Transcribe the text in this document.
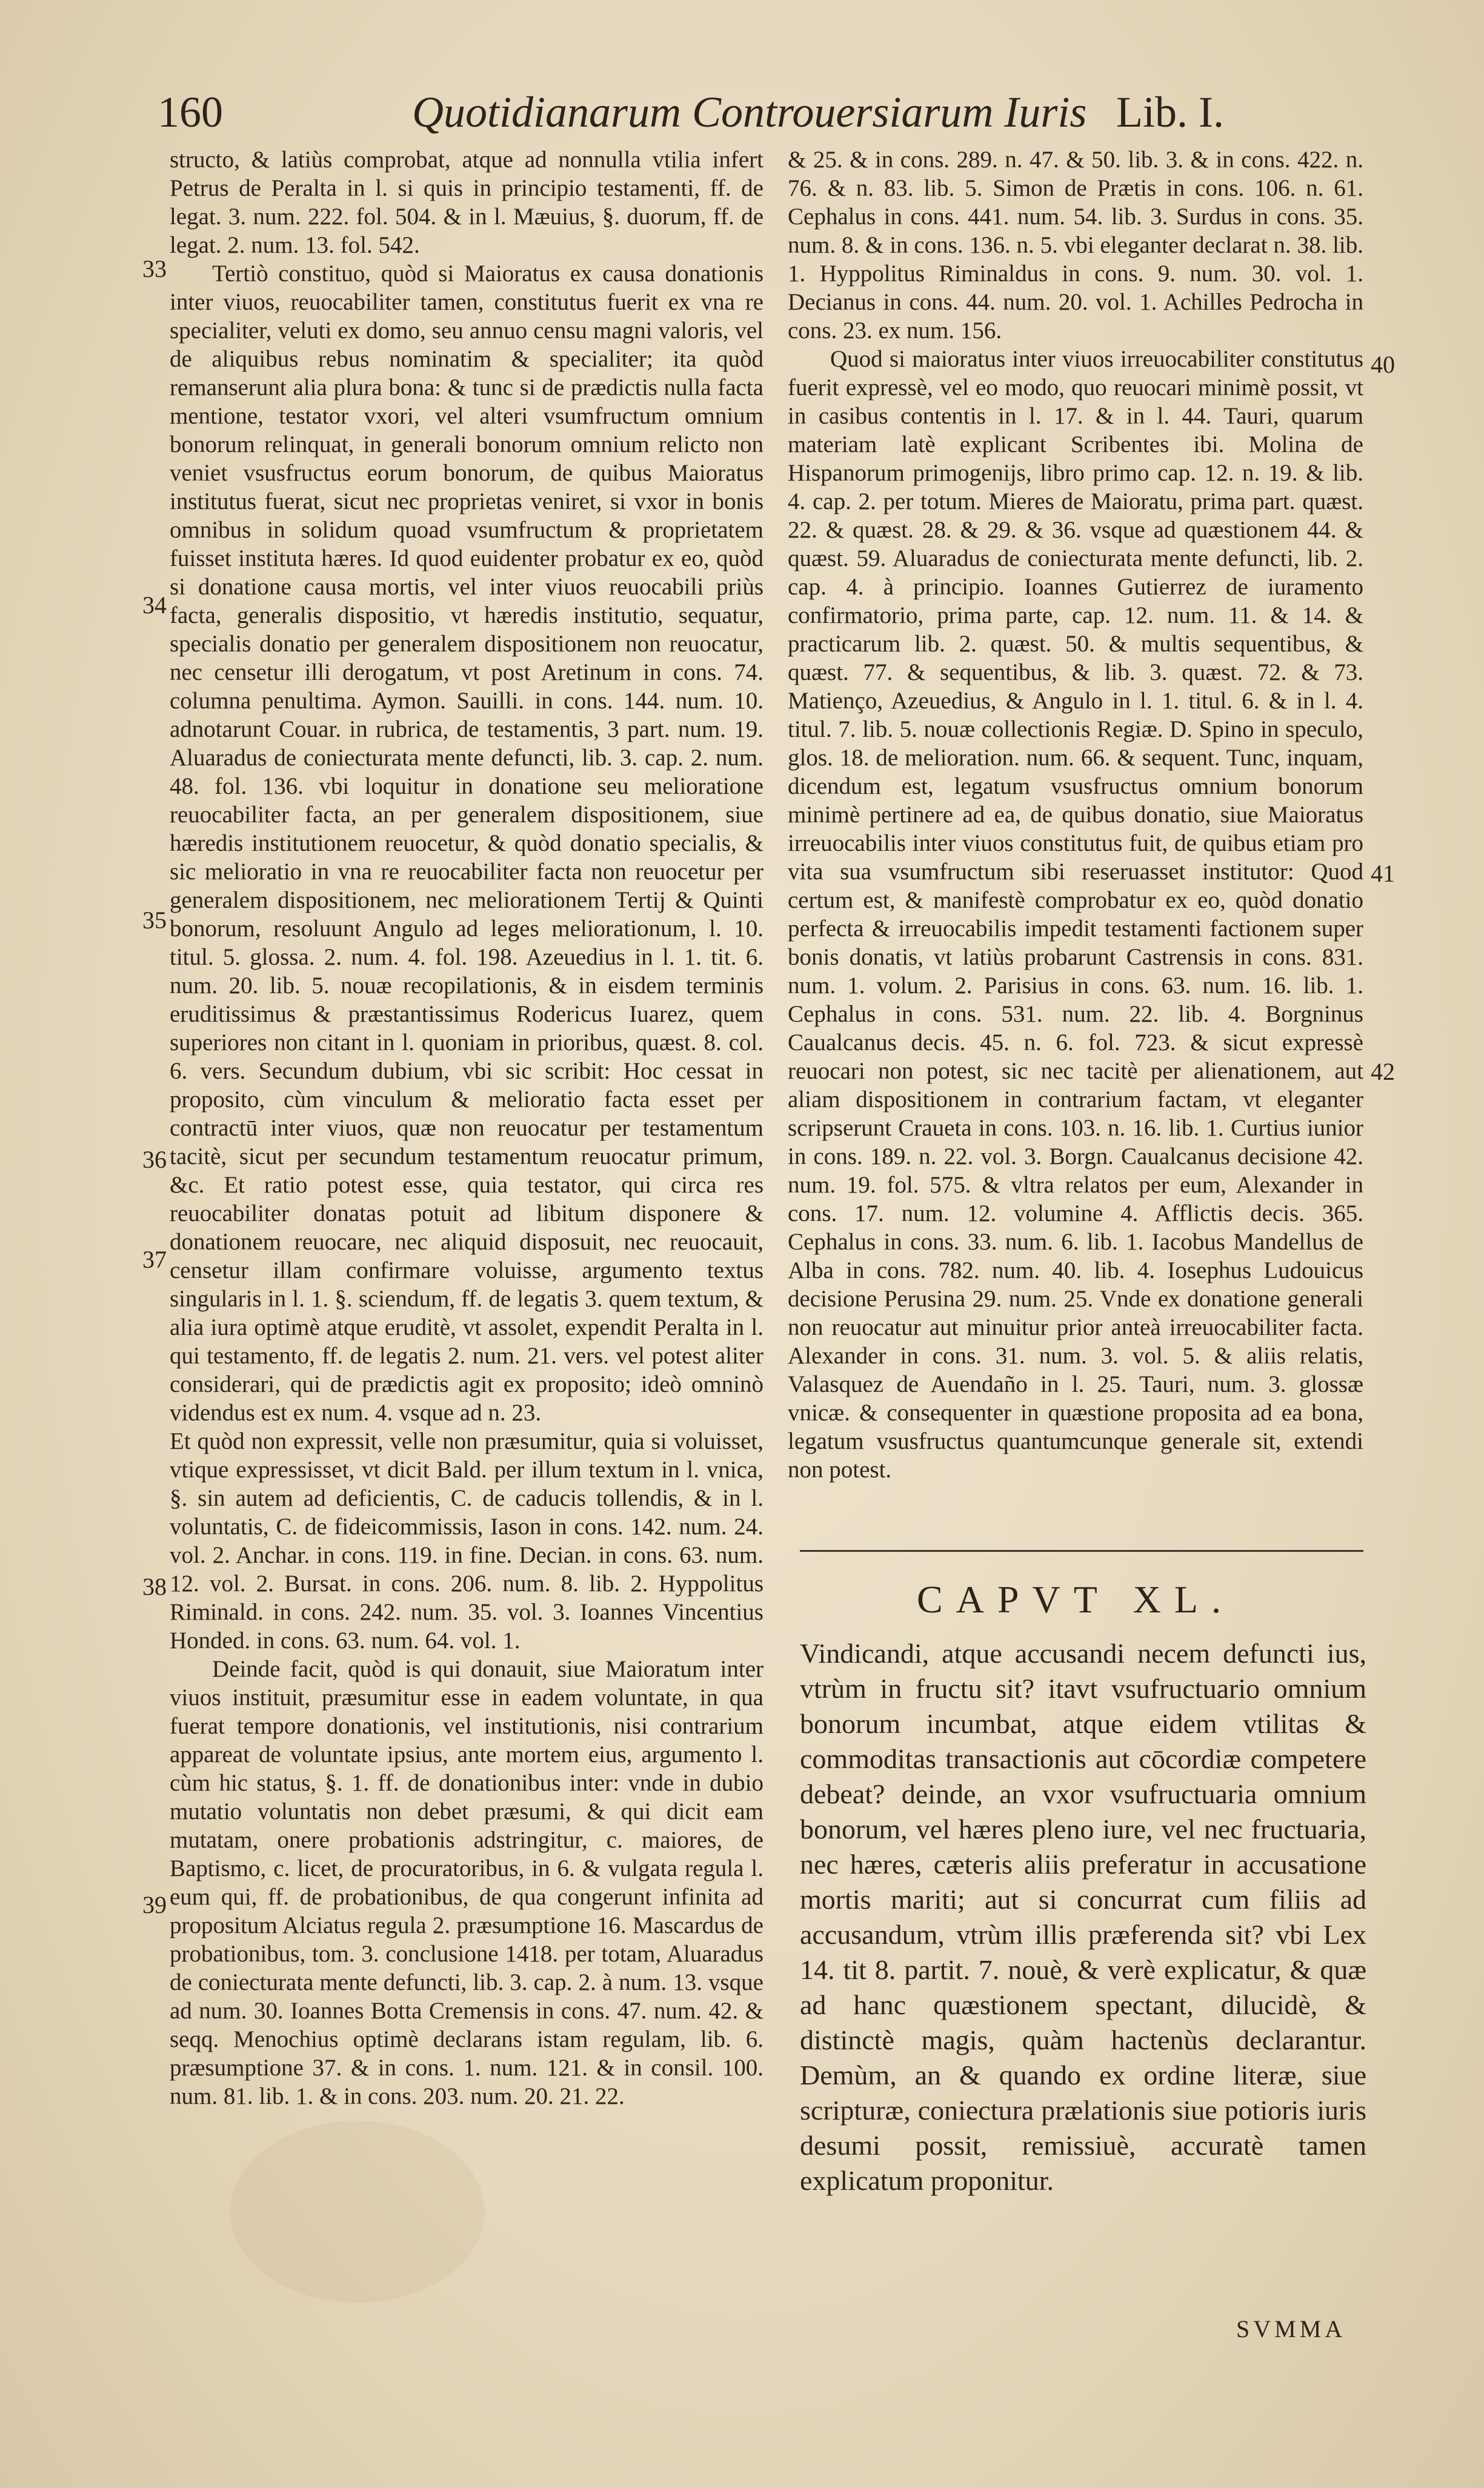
160	Quotidianarum Controuersiarum Iuris Lib. I.
33
34
35
36
37
38
39

structo, & latiùs comprobat, atque ad nonnulla vtilia infert Petrus de Peralta in l. si quis in principio testamenti, ff. de legat. 3. num. 222. fol. 504. & in l. Mæuius, §. duorum, ff. de legat. 2. num. 13. fol. 542.

Tertiò constituo, quòd si Maioratus ex causa donationis inter viuos, reuocabiliter tamen, constitutus fuerit ex vna re specialiter, veluti ex domo, seu annuo censu magni valoris, vel de aliquibus rebus nominatim & specialiter; ita quòd remanserunt alia plura bona: & tunc si de prædictis nulla facta mentione, testator vxori, vel alteri vsumfructum omnium bonorum relinquat, in generali bonorum omnium relicto non veniet vsusfructus eorum bonorum, de quibus Maioratus institutus fuerat, sicut nec proprietas veniret, si vxor in bonis omnibus in solidum quoad vsumfructum & proprietatem fuisset instituta hæres. Id quod euidenter probatur ex eo, quòd si donatione causa mortis, vel inter viuos reuocabili priùs facta, generalis dispositio, vt hæredis institutio, sequatur, specialis donatio per generalem dispositionem non reuocatur, nec censetur illi derogatum, vt post Aretinum in cons. 74. columna penultima. Aymon. Sauilli. in cons. 144. num. 10. adnotarunt Couar. in rubrica, de testamentis, 3 part. num. 19. Aluaradus de coniecturata mente defuncti, lib. 3. cap. 2. num. 48. fol. 136. vbi loquitur in donatione seu melioratione reuocabiliter facta, an per generalem dispositionem, siue hæredis institutionem reuocetur, & quòd donatio specialis, & sic melioratio in vna re reuocabiliter facta non reuocetur per generalem dispositionem, nec meliorationem Tertij & Quinti bonorum, resoluunt Angulo ad leges meliorationum, l. 10. titul. 5. glossa. 2. num. 4. fol. 198. Azeuedius in l. 1. tit. 6. num. 20. lib. 5. nouæ recopilationis, & in eisdem terminis eruditissimus & præstantissimus Rodericus Iuarez, quem superiores non citant in l. quoniam in prioribus, quæst. 8. col. 6. vers. Secundum dubium, vbi sic scribit: Hoc cessat in proposito, cùm vinculum & melioratio facta esset per contractū inter viuos, quæ non reuocatur per testamentum tacitè, sicut per secundum testamentum reuocatur primum, &c. Et ratio potest esse, quia testator, qui circa res reuocabiliter donatas potuit ad libitum disponere & donationem reuocare, nec aliquid disposuit, nec reuocauit, censetur illam confirmare voluisse, argumento textus singularis in l. 1. §. sciendum, ff. de legatis 3. quem textum, & alia iura optimè atque eruditè, vt assolet, expendit Peralta in l. qui testamento, ff. de legatis 2. num. 21. vers. vel potest aliter considerari, qui de prædictis agit ex proposito; ideò omninò videndus est ex num. 4. vsque ad n. 23.

Et quòd non expressit, velle non præsumitur, quia si voluisset, vtique expressisset, vt dicit Bald. per illum textum in l. vnica, §. sin autem ad deficientis, C. de caducis tollendis, & in l. voluntatis, C. de fideicommissis, Iason in cons. 142. num. 24. vol. 2. Anchar. in cons. 119. in fine. Decian. in cons. 63. num. 12. vol. 2. Bursat. in cons. 206. num. 8. lib. 2. Hyppolitus Riminald. in cons. 242. num. 35. vol. 3. Ioannes Vincentius Honded. in cons. 63. num. 64. vol. 1.

Deinde facit, quòd is qui donauit, siue Maioratum inter viuos instituit, præsumitur esse in eadem voluntate, in qua fuerat tempore donationis, vel institutionis, nisi contrarium appareat de voluntate ipsius, ante mortem eius, argumento l. cùm hic status, §. 1. ff. de donationibus inter: vnde in dubio mutatio voluntatis non debet præsumi, & qui dicit eam mutatam, onere probationis adstringitur, c. maiores, de Baptismo, c. licet, de procuratoribus, in 6. & vulgata regula l. eum qui, ff. de probationibus, de qua congerunt infinita ad propositum Alciatus regula 2. præsumptione 16. Mascardus de probationibus, tom. 3. conclusione 1418. per totam, Aluaradus de coniecturata mente defuncti, lib. 3. cap. 2. à num. 13. vsque ad num. 30. Ioannes Botta Cremensis in cons. 47. num. 42. & seqq. Menochius optimè declarans istam regulam, lib. 6. præsumptione 37. & in cons. 1. num. 121. & in consil. 100. num. 81. lib. 1. & in cons. 203. num. 20. 21. 22.

& 25. & in cons. 289. n. 47. & 50. lib. 3. & in cons. 422. n. 76. & n. 83. lib. 5. Simon de Prætis in cons. 106. n. 61. Cephalus in cons. 441. num. 54. lib. 3. Surdus in cons. 35. num. 8. & in cons. 136. n. 5. vbi eleganter declarat n. 38. lib. 1. Hyppolitus Riminaldus in cons. 9. num. 30. vol. 1. Decianus in cons. 44. num. 20. vol. 1. Achilles Pedrocha in cons. 23. ex num. 156.

Quod si maioratus inter viuos irreuocabiliter constitutus fuerit expressè, vel eo modo, quo reuocari minimè possit, vt in casibus contentis in l. 17. & in l. 44. Tauri, quarum materiam latè explicant Scribentes ibi. Molina de Hispanorum primogenijs, libro primo cap. 12. n. 19. & lib. 4. cap. 2. per totum. Mieres de Maioratu, prima part. quæst. 22. & quæst. 28. & 29. & 36. vsque ad quæstionem 44. & quæst. 59. Aluaradus de coniecturata mente defuncti, lib. 2. cap. 4. à principio. Ioannes Gutierrez de iuramento confirmatorio, prima parte, cap. 12. num. 11. & 14. & practicarum lib. 2. quæst. 50. & multis sequentibus, & quæst. 77. & sequentibus, & lib. 3. quæst. 72. & 73. Matienço, Azeuedius, & Angulo in l. 1. titul. 6. & in l. 4. titul. 7. lib. 5. nouæ collectionis Regiæ. D. Spino in speculo, glos. 18. de melioration. num. 66. & sequent. Tunc, inquam, dicendum est, legatum vsusfructus omnium bonorum minimè pertinere ad ea, de quibus donatio, siue Maioratus irreuocabilis inter viuos constitutus fuit, de quibus etiam pro vita sua vsumfructum sibi reseruasset institutor: Quod certum est, & manifestè comprobatur ex eo, quòd donatio perfecta & irreuocabilis impedit testamenti factionem super bonis donatis, vt latiùs probarunt Castrensis in cons. 831. num. 1. volum. 2. Parisius in cons. 63. num. 16. lib. 1. Cephalus in cons. 531. num. 22. lib. 4. Borgninus Caualcanus decis. 45. n. 6. fol. 723. & sicut expressè reuocari non potest, sic nec tacitè per alienationem, aut aliam dispositionem in contrarium factam, vt eleganter scripserunt Craueta in cons. 103. n. 16. lib. 1. Curtius iunior in cons. 189. n. 22. vol. 3. Borgn. Caualcanus decisione 42. num. 19. fol. 575. & vltra relatos per eum, Alexander in cons. 17. num. 12. volumine 4. Afflictis decis. 365. Cephalus in cons. 33. num. 6. lib. 1. Iacobus Mandellus de Alba in cons. 782. num. 40. lib. 4. Iosephus Ludouicus decisione Perusina 29. num. 25. Vnde ex donatione generali non reuocatur aut minuitur prior anteà irreuocabiliter facta. Alexander in cons. 31. num. 3. vol. 5. & aliis relatis, Valasquez de Auendaño in l. 25. Tauri, num. 3. glossæ vnicæ. & consequenter in quæstione proposita ad ea bona, legatum vsusfructus quantumcunque generale sit, extendi non potest.

40
41
42
CAPVT XL.
Vindicandi, atque accusandi necem defuncti ius, vtrùm in fructu sit? itavt vsufructuario omnium bonorum incumbat, atque eidem vtilitas & commoditas transactionis aut cōcordiæ competere debeat? deinde, an vxor vsufructuaria omnium bonorum, vel hæres pleno iure, vel nec fructuaria, nec hæres, cæteris aliis preferatur in accusatione mortis mariti; aut si concurrat cum filiis ad accusandum, vtrùm illis præferenda sit? vbi Lex 14. tit 8. partit. 7. nouè, & verè explicatur, & quæ ad hanc quæstionem spectant, dilucidè, & distinctè magis, quàm hactenùs declarantur. Demùm, an & quando ex ordine literæ, siue scripturæ, coniectura prælationis siue potioris iuris desumi possit, remissiuè, accuratè tamen explicatum proponitur.
SVMMA
